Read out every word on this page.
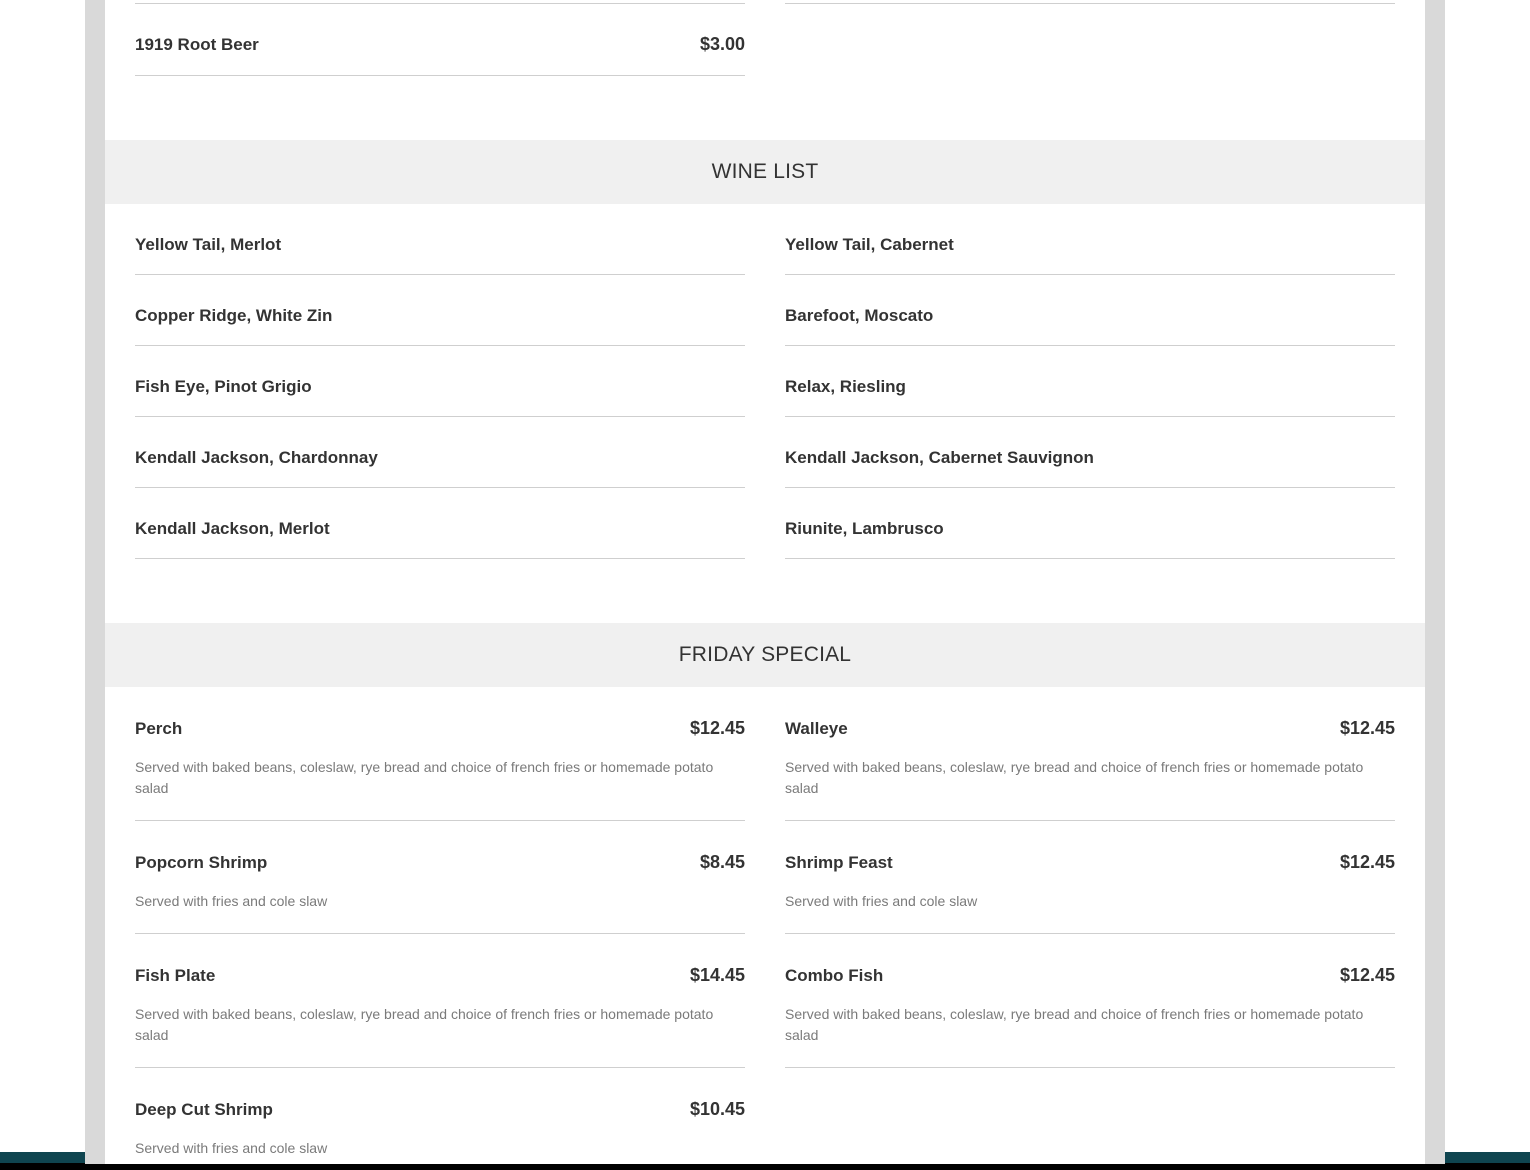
1919 Root Beer	$3.00
WINE LIST
Yellow Tail, Merlot
Copper Ridge, White Zin
Fish Eye, Pinot Grigio
Kendall Jackson, Chardonnay
Kendall Jackson, Merlot
Yellow Tail, Cabernet
Barefoot, Moscato
Relax, Riesling
Kendall Jackson, Cabernet Sauvignon
Riunite, Lambrusco
FRIDAY SPECIAL
Perch	$12.45
Served with baked beans, coleslaw, rye bread and choice of french fries or homemade potato salad
Walleye	$12.45
Served with baked beans, coleslaw, rye bread and choice of french fries or homemade potato salad
Popcorn Shrimp	$8.45
Served with fries and cole slaw
Shrimp Feast	$12.45
Served with fries and cole slaw
Fish Plate	$14.45
Served with baked beans, coleslaw, rye bread and choice of french fries or homemade potato salad
Combo Fish	$12.45
Served with baked beans, coleslaw, rye bread and choice of french fries or homemade potato salad
Deep Cut Shrimp	$10.45
Served with fries and cole slaw
